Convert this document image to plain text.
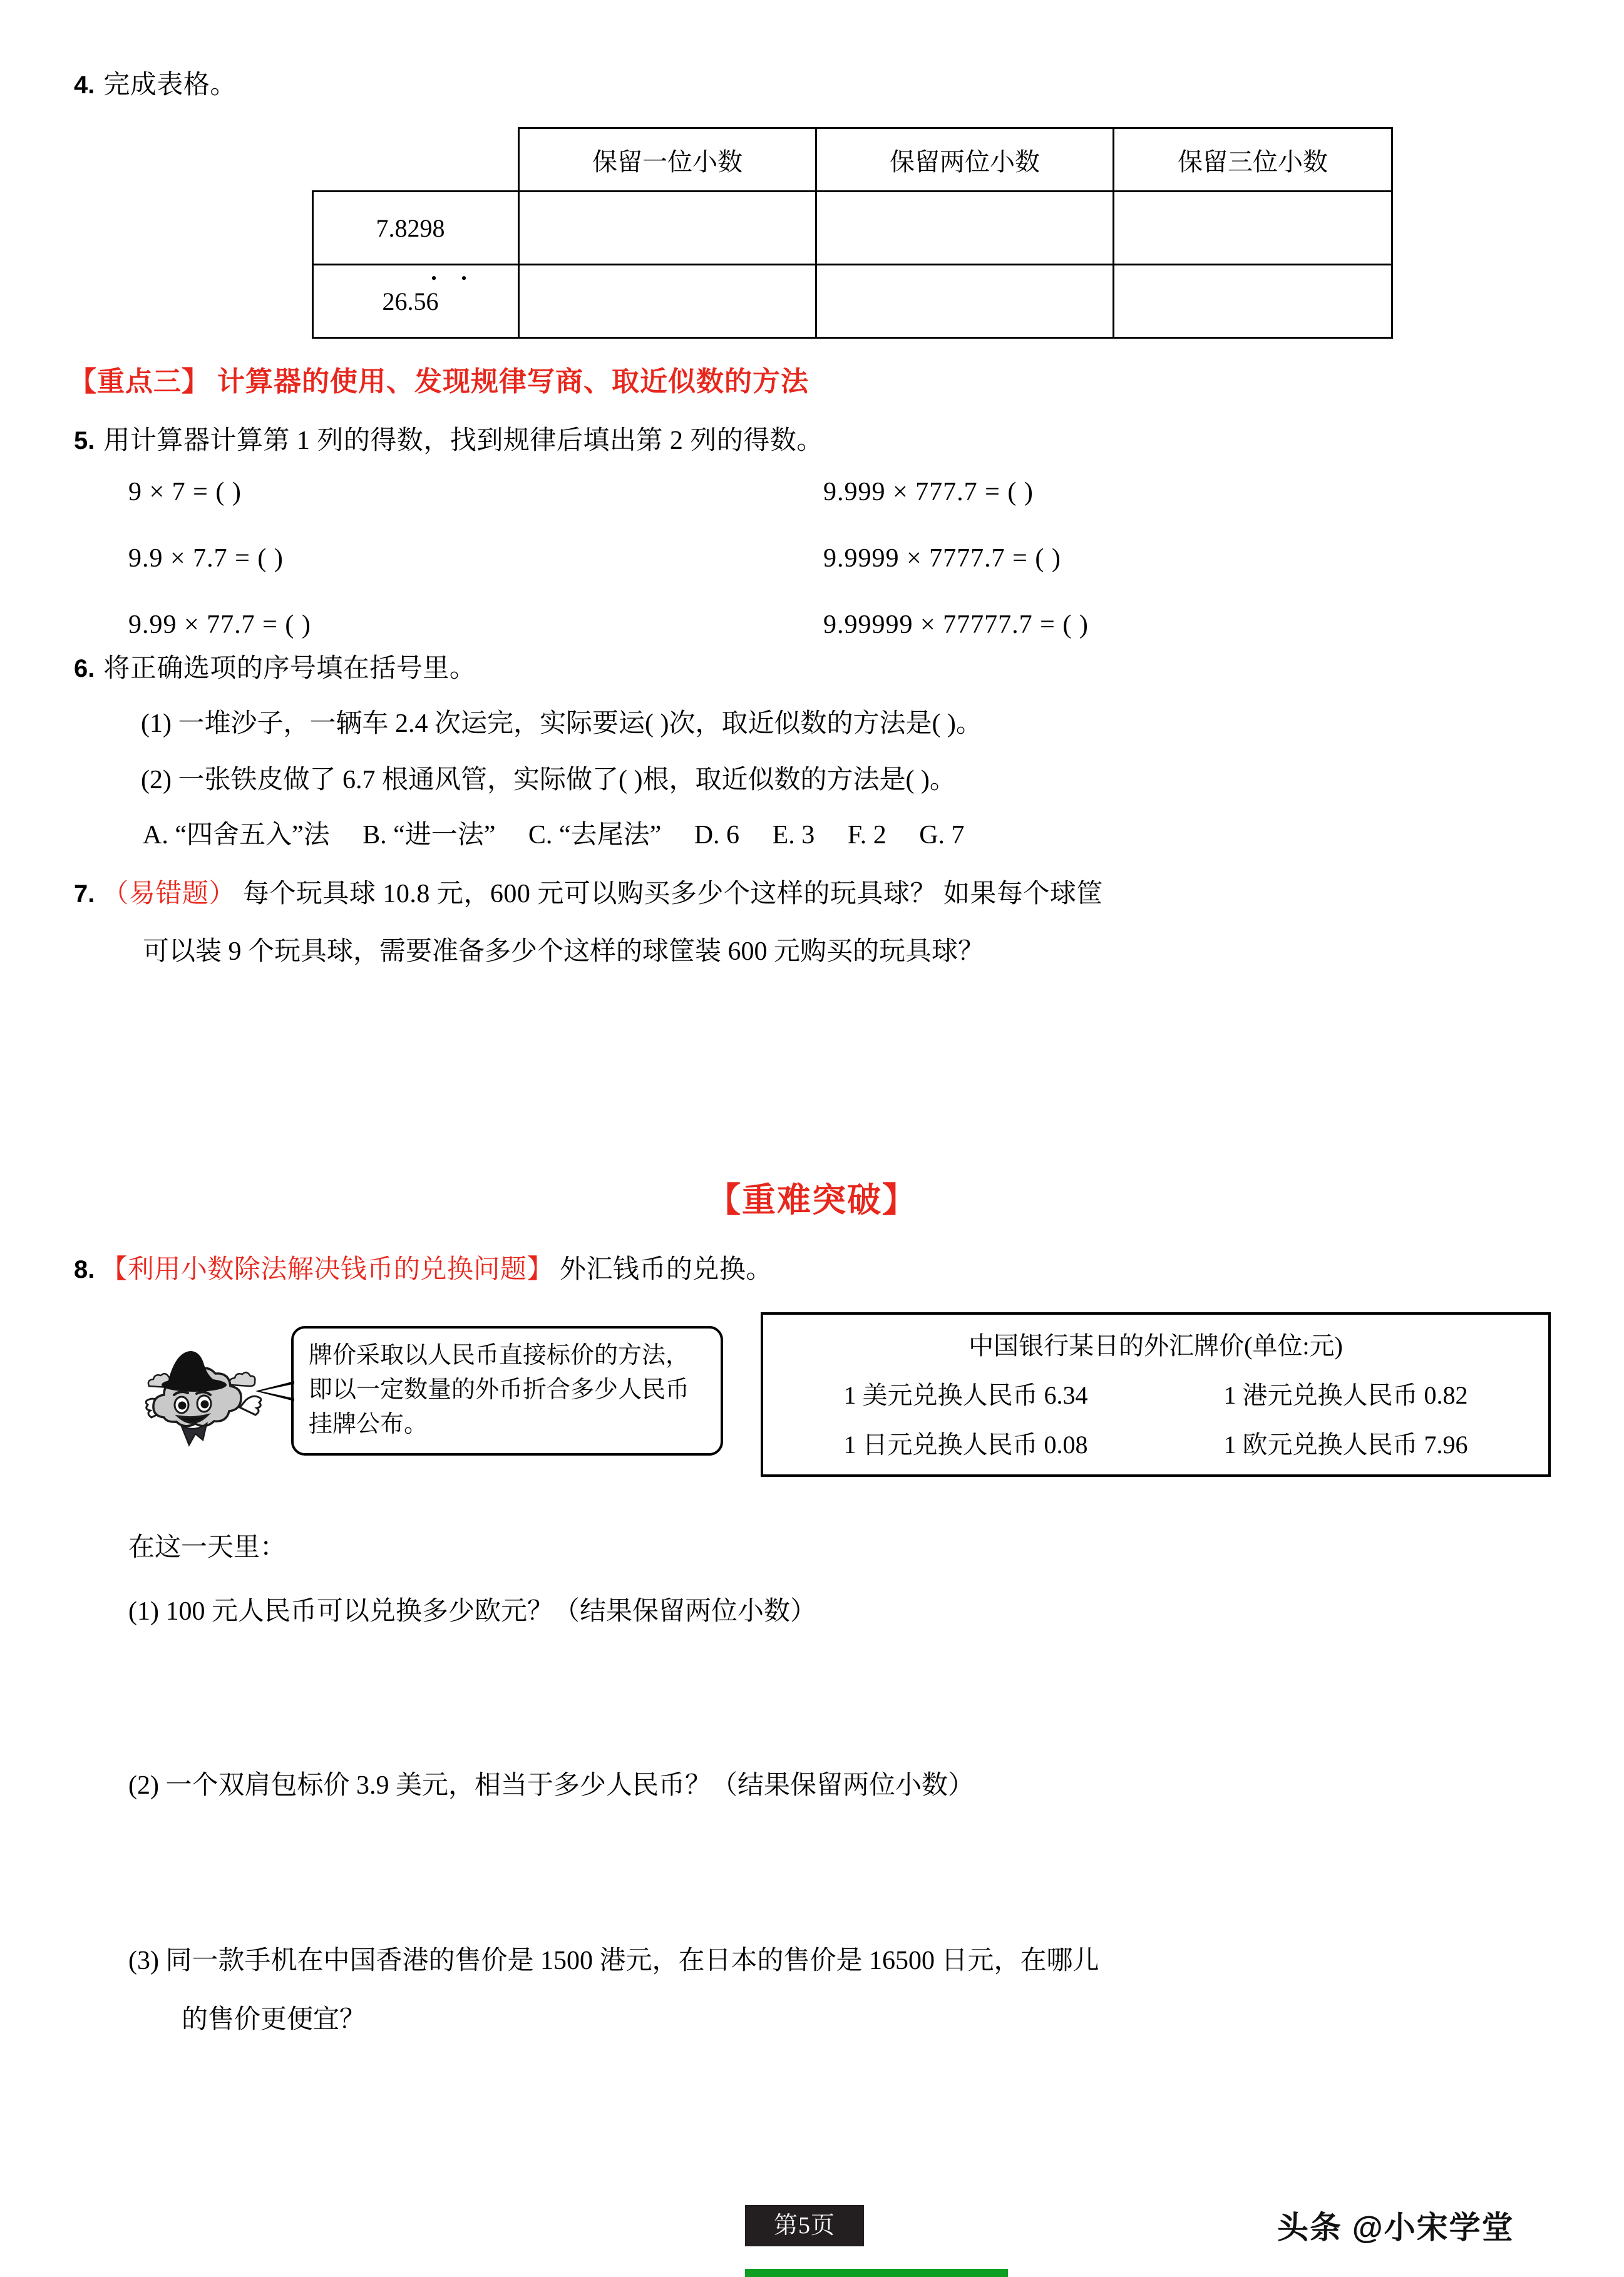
4. 完成表格。
	保留一位小数	保留两位小数	保留三位小数
7.8298			
26.56
• •			

【重点三】 计算器的使用、发现规律写商、取近似数的方法
5. 用计算器计算第 1 列的得数，找到规律后填出第 2 列的得数。
9 × 7 = ( )
9.9 × 7.7 = ( )
9.99 × 77.7 = ( )
9.999 × 777.7 = ( )
9.9999 × 7777.7 = ( )
9.99999 × 77777.7 = ( )
6. 将正确选项的序号填在括号里。
(1) 一堆沙子，一辆车 2.4 次运完，实际要运( )次，取近似数的方法是( )。
(2) 一张铁皮做了 6.7 根通风管，实际做了( )根，取近似数的方法是( )。
A. “四舍五入”法　 B. “进一法”　 C. “去尾法”　 D. 6　 E. 3　 F. 2　 G. 7
7. （易错题） 每个玩具球 10.8 元，600 元可以购买多少个这样的玩具球？ 如果每个球筐
可以装 9 个玩具球，需要准备多少个这样的球筐装 600 元购买的玩具球？
【重难突破】
8. 【利用小数除法解决钱币的兑换问题】 外汇钱币的兑换。
牌价采取以人民币直接标价的方法，即以一定数量的外币折合多少人民币挂牌公布。
中国银行某日的外汇牌价(单位:元)
1 美元兑换人民币 6.34	1 港元兑换人民币 0.82
1 日元兑换人民币 0.08	1 欧元兑换人民币 7.96
在这一天里：
(1) 100 元人民币可以兑换多少欧元？（结果保留两位小数）
(2) 一个双肩包标价 3.9 美元，相当于多少人民币？（结果保留两位小数）
(3) 同一款手机在中国香港的售价是 1500 港元，在日本的售价是 16500 日元，在哪儿
的售价更便宜？
第5页	头条 @小宋学堂
